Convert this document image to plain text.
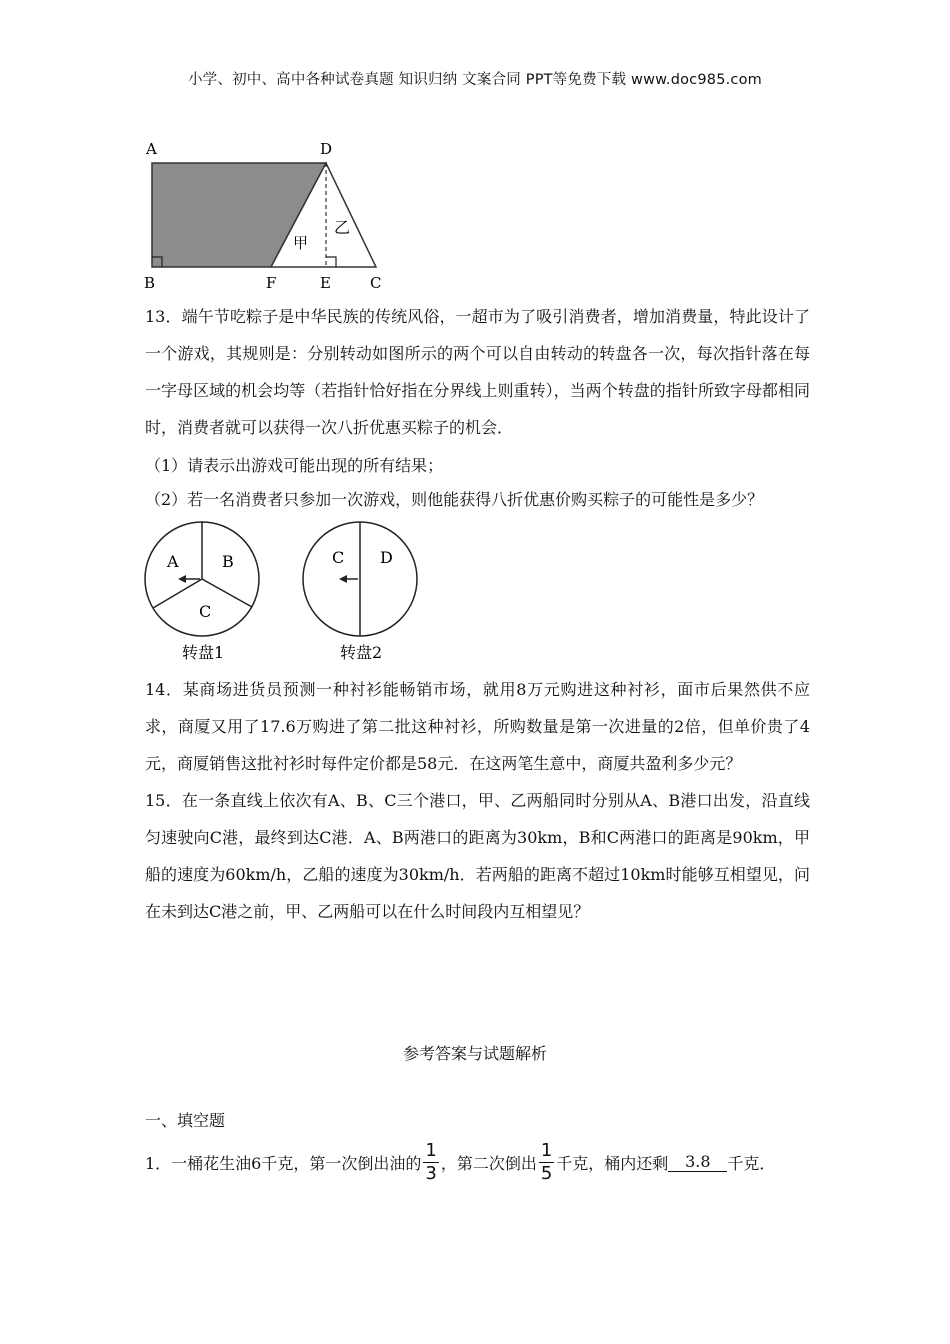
小学、初中、高中各种试卷真题 知识归纳 文案合同 PPT等免费下载 www.doc985.com
A	D
B	F	E	C
甲
乙
13．端午节吃粽子是中华民族的传统风俗，一超市为了吸引消费者，增加消费量，特此设计了一个游戏，其规则是：分别转动如图所示的两个可以自由转动的转盘各一次，每次指针落在每一字母区域的机会均等（若指针恰好指在分界线上则重转），当两个转盘的指针所致字母都相同时，消费者就可以获得一次八折优惠买粽子的机会．
（1）请表示出游戏可能出现的所有结果；
（2）若一名消费者只参加一次游戏，则他能获得八折优惠价购买粽子的可能性是多少？
A	B
C
转盘1
C D
转盘2
14．某商场进货员预测一种衬衫能畅销市场，就用8万元购进这种衬衫，面市后果然供不应求，商厦又用了17.6万购进了第二批这种衬衫，所购数量是第一次进量的2倍，但单价贵了4元，商厦销售这批衬衫时每件定价都是58元．在这两笔生意中，商厦共盈利多少元？
15．在一条直线上依次有A、B、C三个港口，甲、乙两船同时分别从A、B港口出发，沿直线匀速驶向C港，最终到达C港．A、B两港口的距离为30km，B和C两港口的距离是90km，甲船的速度为60km/h，乙船的速度为30km/h．若两船的距离不超过10km时能够互相望见，问在未到达C港之前，甲、乙两船可以在什么时间段内互相望见？
参考答案与试题解析
一、填空题
1．一桶花生油6千克，第一次倒出油的 $\frac{1}{3}$ ，第二次倒出 $\frac{1}{5}$ 千克，桶内还剩	3.8	千克．
